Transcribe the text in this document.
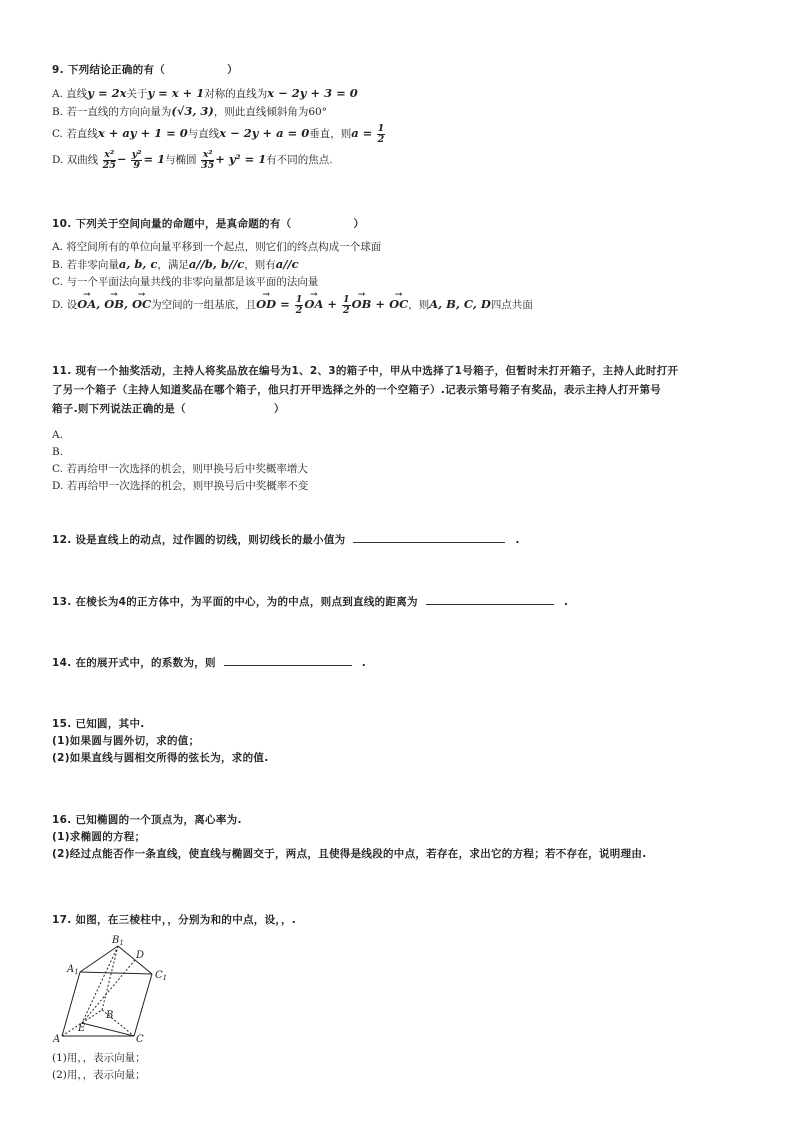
9. 下列结论正确的有（	）
A. 直线y = 2x关于y = x + 1对称的直线为x − 2y + 3 = 0
B. 若一直线的方向向量为(√3, 3)，则此直线倾斜角为60°
C. 若直线x + ay + 1 = 0与直线x − 2y + a = 0垂直，则$a = \frac{1}{2}$
D. 双曲线 $\frac{\text{x²}}{25} - \frac{\text{y²}}{9} = 1$与椭圆 $\frac{\text{x²}}{35} + y^2 = 1$有不同的焦点.
10. 下列关于空间向量的命题中，是真命题的有（	）
A. 将空间所有的单位向量平移到一个起点，则它们的终点构成一个球面
B. 若非零向量a, b, c，满足a//b, b//c，则有a//c
C. 与一个平面法向量共线的非零向量都是该平面的法向量
D. 设→ OA, → OB, → OC为空间的一组基底，且→ OD = $\frac{1}{2}$ → OA + $\frac{1}{2}$ → OB + → OC，则A, B, C, D四点共面
11. 现有一个抽奖活动，主持人将奖品放在编号为1、2、3的箱子中，甲从中选择了1号箱子，但暂时未打开箱子，主持人此时打开
了另一个箱子（主持人知道奖品在哪个箱子，他只打开甲选择之外的一个空箱子）.记表示第号箱子有奖品，表示主持人打开第号
箱子.则下列说法正确的是（	）
A.
B.
C. 若再给甲一次选择的机会，则甲换号后中奖概率增大
D. 若再给甲一次选择的机会，则甲换号后中奖概率不变
12. 设是直线上的动点，过作圆的切线，则切线长的最小值为	.
13. 在棱长为4的正方体中，为平面的中心，为的中点，则点到直线的距离为	.
14. 在的展开式中，的系数为，则	.
15. 已知圆，其中.
(1)如果圆与圆外切，求的值；
(2)如果直线与圆相交所得的弦长为，求的值.
16. 已知椭圆的一个顶点为，离心率为.
(1)求椭圆的方程；
(2)经过点能否作一条直线，使直线与椭圆交于，两点，且使得是线段的中点，若存在，求出它的方程；若不存在，说明理由.
17. 如图，在三棱柱中，，分别为和的中点，设，，.
$B_1$
D
$A_1$	$C_1$
B
E
A	C
(1)用，，表示向量；
(2)用，，表示向量；
